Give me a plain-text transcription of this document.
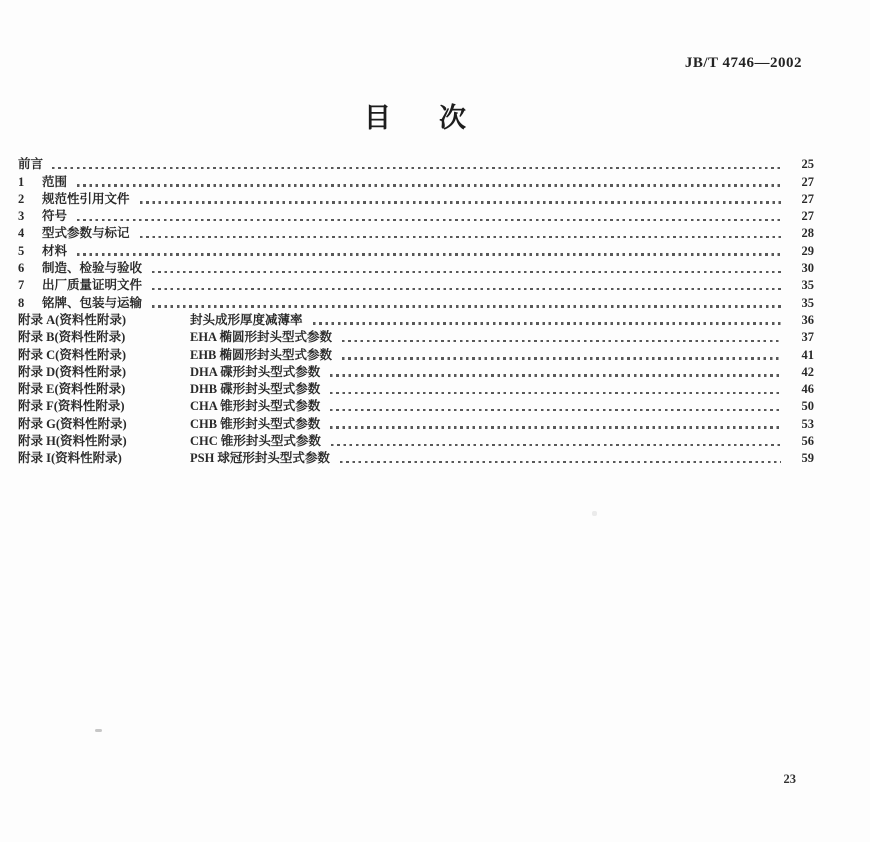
JB/T 4746—2002
目 次
前言	25
1	范围	27
2	规范性引用文件	27
3	符号	27
4	型式参数与标记	28
5	材料	29
6	制造、检验与验收	30
7	出厂质量证明文件	35
8	铭牌、包装与运输	35
附录 A(资料性附录)	封头成形厚度减薄率	36
附录 B(资料性附录)	EHA 椭圆形封头型式参数	37
附录 C(资料性附录)	EHB 椭圆形封头型式参数	41
附录 D(资料性附录)	DHA 碟形封头型式参数	42
附录 E(资料性附录)	DHB 碟形封头型式参数	46
附录 F(资料性附录)	CHA 锥形封头型式参数	50
附录 G(资料性附录)	CHB 锥形封头型式参数	53
附录 H(资料性附录)	CHC 锥形封头型式参数	56
附录 I(资料性附录)	PSH 球冠形封头型式参数	59
23
